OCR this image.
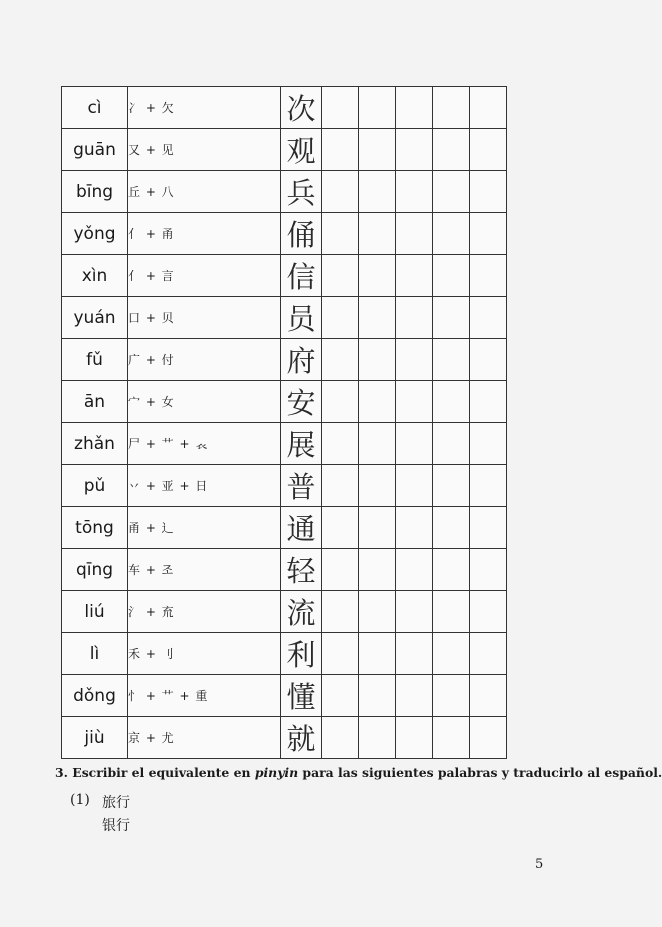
cì	冫 + 欠	次					
guān	又 + 见	观					
bīng	丘 + 八	兵					
yǒng	亻 + 甬	俑					
xìn	亻 + 言	信					
yuán	口 + 贝	员					
fǔ	广 + 付	府					
ān	宀 + 女	安					
zhǎn	尸 + 艹 + 𧘇	展					
pǔ	丷 + 亚 + 日	普					
tōng	甬 + 辶	通					
qīng	车 + 조	轻					
liú	氵 + 㐬	流					
lì	禾 + 刂	利					
dǒng	忄 + 艹 + 重	懂					
jiù	京 + 尤	就					
3. Escribir el equivalente en pinyin para las siguientes palabras y traducirlo al español.
(1) 旅行
银行
5
